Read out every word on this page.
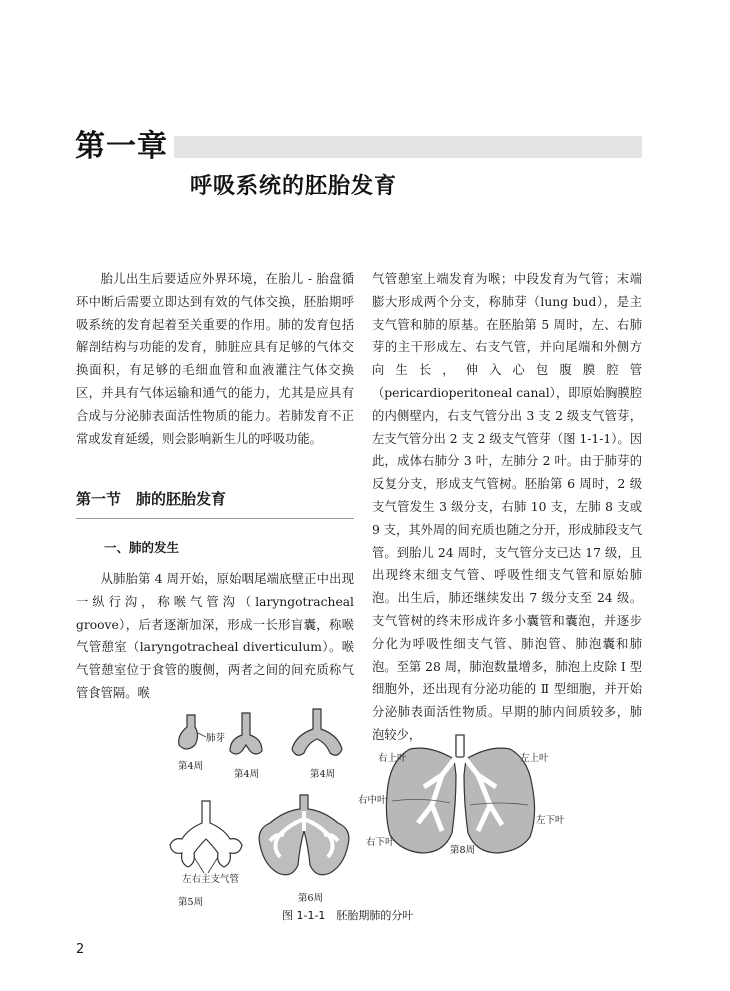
第一章
呼吸系统的胚胎发育

胎儿出生后要适应外界环境，在胎儿 - 胎盘循环中断后需要立即达到有效的气体交换，胚胎期呼吸系统的发育起着至关重要的作用。肺的发育包括解剖结构与功能的发育，肺脏应具有足够的气体交换面积，有足够的毛细血管和血液灌注气体交换区，并具有气体运输和通气的能力，尤其是应具有合成与分泌肺表面活性物质的能力。若肺发育不正常或发育延缓，则会影响新生儿的呼吸功能。

第一节　肺的胚胎发育
一、肺的发生

从肺胎第 4 周开始，原始咽尾端底壁正中出现一纵行沟，称喉气管沟（laryngotracheal groove），后者逐渐加深，形成一长形盲囊，称喉气管憩室（laryngotracheal diverticulum）。喉气管憩室位于食管的腹侧，两者之间的间充质称气管食管隔。喉

气管憩室上端发育为喉；中段发育为气管；末端膨大形成两个分支，称肺芽（lung bud），是主支气管和肺的原基。在胚胎第 5 周时，左、右肺芽的主干形成左、右支气管，并向尾端和外侧方向生长，伸入心包腹膜腔管（pericardioperitoneal canal），即原始胸膜腔的内侧壁内，右支气管分出 3 支 2 级支气管芽，左支气管分出 2 支 2 级支气管芽（图 1-1-1）。因此，成体右肺分 3 叶，左肺分 2 叶。由于肺芽的反复分支，形成支气管树。胚胎第 6 周时，2 级支气管发生 3 级分支，右肺 10 支，左肺 8 支或 9 支，其外周的间充质也随之分开，形成肺段支气管。到胎儿 24 周时，支气管分支已达 17 级，且出现终末细支气管、呼吸性细支气管和原始肺泡。出生后，肺还继续发出 7 级分支至 24 级。支气管树的终末形成许多小囊管和囊泡，并逐步分化为呼吸性细支气管、肺泡管、肺泡囊和肺泡。至第 28 周，肺泡数量增多，肺泡上皮除 Ⅰ 型细胞外，还出现有分泌功能的 Ⅱ 型细胞，并开始分泌肺表面活性物质。早期的肺内间质较多，肺泡较少，

肺芽
第4周
第4周	第4周
左右主支气管
第5周	第6周
右上叶
右中叶
右下叶
左上叶
左下叶
第8周
图 1-1-1　胚胎期肺的分叶
2
